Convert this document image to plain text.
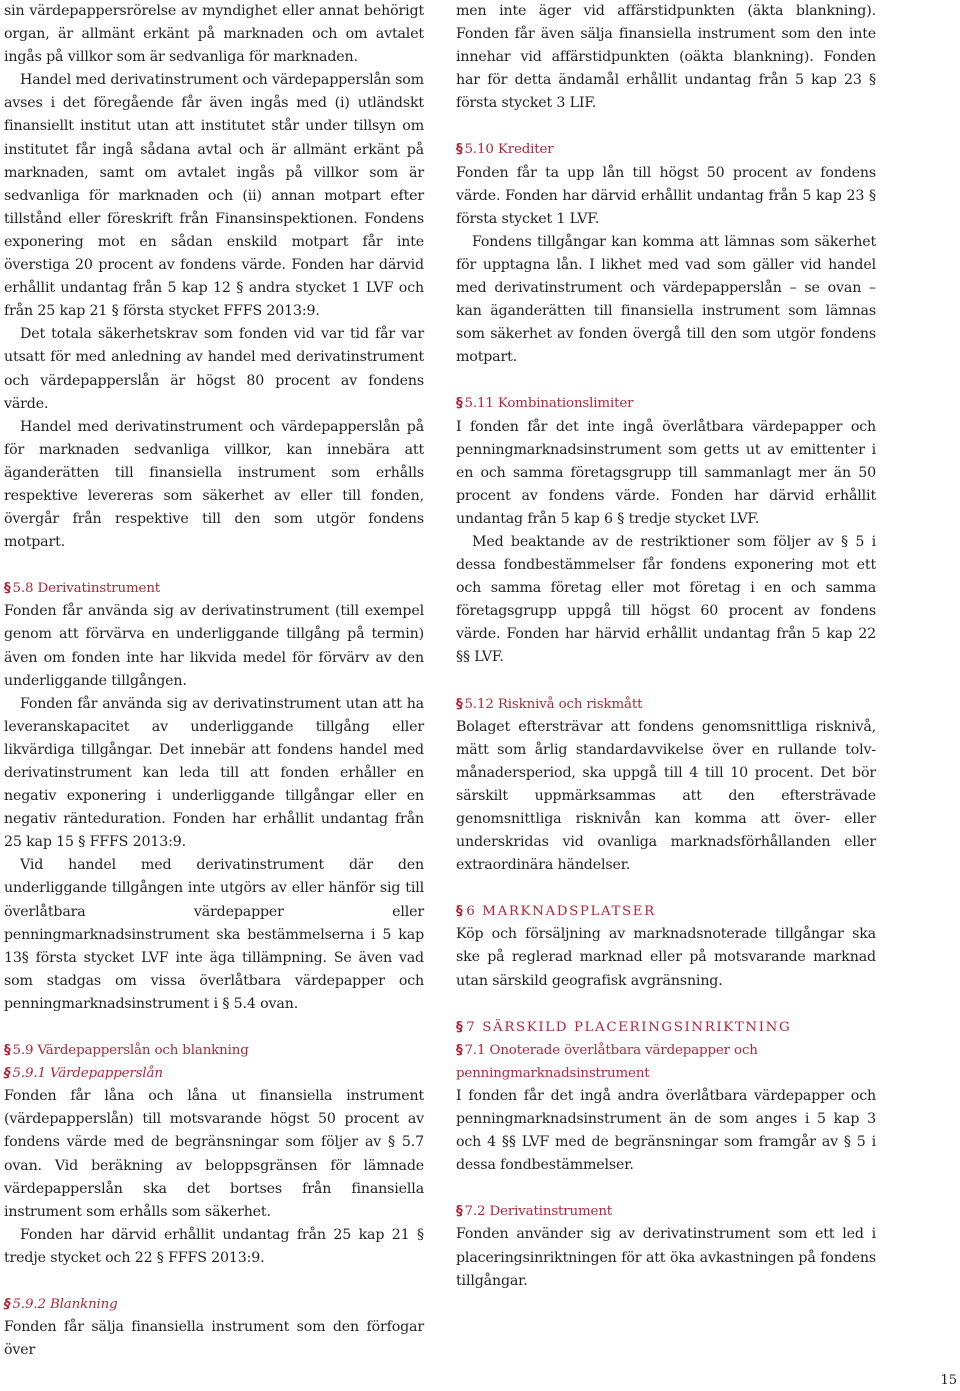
sin värdepappersrörelse av myndighet eller annat behörigt organ, är allmänt erkänt på marknaden och om avtalet ingås på villkor som är sedvanliga för marknaden.

Handel med derivatinstrument och värdepapperslån som avses i det föregående får även ingås med (i) utländskt finansiellt institut utan att institutet står under tillsyn om institutet får ingå sådana avtal och är allmänt erkänt på marknaden, samt om avtalet ingås på villkor som är sedvanliga för marknaden och (ii) annan motpart efter tillstånd eller föreskrift från Finansinspektionen. Fondens exponering mot en sådan enskild motpart får inte överstiga 20 procent av fondens värde. Fonden har därvid erhållit undantag från 5 kap 12 § andra stycket 1 LVF och från 25 kap 21 § första stycket FFFS 2013:9.

Det totala säkerhetskrav som fonden vid var tid får var utsatt för med anledning av handel med derivatinstrument och värdepapperslån är högst 80 procent av fondens värde.

Handel med derivatinstrument och värdepapperslån på för marknaden sedvanliga villkor, kan innebära att äganderätten till finansiella instrument som erhålls respektive levereras som säkerhet av eller till fonden, övergår från respektive till den som utgör fondens motpart.

§ 5.8 Derivatinstrument

Fonden får använda sig av derivatinstrument (till exempel genom att förvärva en underliggande tillgång på termin) även om fonden inte har likvida medel för förvärv av den underliggande tillgången.

Fonden får använda sig av derivatinstrument utan att ha leveranskapacitet av underliggande tillgång eller likvärdiga tillgångar. Det innebär att fondens handel med derivatinstrument kan leda till att fonden erhåller en negativ exponering i underliggande tillgångar eller en negativ ränteduration. Fonden har erhållit undantag från 25 kap 15 § FFFS 2013:9.

Vid handel med derivatinstrument där den underliggande tillgången inte utgörs av eller hänför sig till överlåtbara värdepapper eller penningmarknadsinstrument ska bestämmelserna i 5 kap 13§ första stycket LVF inte äga tillämpning. Se även vad som stadgas om vissa överlåtbara värdepapper och penningmarknadsinstrument i § 5.4 ovan.

§ 5.9 Värdepapperslån och blankning
§ 5.9.1 Värdepapperslån

Fonden får låna och låna ut finansiella instrument (värdepapperslån) till motsvarande högst 50 procent av fondens värde med de begränsningar som följer av § 5.7 ovan. Vid beräkning av beloppsgränsen för lämnade värdepapperslån ska det bortses från finansiella instrument som erhålls som säkerhet.

Fonden har därvid erhållit undantag från 25 kap 21 § tredje stycket och 22 § FFFS 2013:9.

§ 5.9.2 Blankning

Fonden får sälja finansiella instrument som den förfogar över

men inte äger vid affärstidpunkten (äkta blankning). Fonden får även sälja finansiella instrument som den inte innehar vid affärstidpunkten (oäkta blankning). Fonden har för detta ändamål erhållit undantag från 5 kap 23 § första stycket 3 LIF.

§ 5.10 Krediter

Fonden får ta upp lån till högst 50 procent av fondens värde. Fonden har därvid erhållit undantag från 5 kap 23 § första stycket 1 LVF.

Fondens tillgångar kan komma att lämnas som säkerhet för upptagna lån. I likhet med vad som gäller vid handel med derivatinstrument och värdepapperslån – se ovan – kan äganderätten till finansiella instrument som lämnas som säkerhet av fonden övergå till den som utgör fondens motpart.

§ 5.11 Kombinationslimiter

I fonden får det inte ingå överlåtbara värdepapper och penningmarknadsinstrument som getts ut av emittenter i en och samma företagsgrupp till sammanlagt mer än 50 procent av fondens värde. Fonden har därvid erhållit undantag från 5 kap 6 § tredje stycket LVF.

Med beaktande av de restriktioner som följer av § 5 i dessa fondbestämmelser får fondens exponering mot ett och samma företag eller mot företag i en och samma företagsgrupp uppgå till högst 60 procent av fondens värde. Fonden har härvid erhållit undantag från 5 kap 22 §§ LVF.

§ 5.12 Risknivå och riskmått

Bolaget eftersträvar att fondens genomsnittliga risknivå, mätt som årlig standardavvikelse över en rullande tolv-månadersperiod, ska uppgå till 4 till 10 procent. Det bör särskilt uppmärksammas att den eftersträvade genomsnittliga risknivån kan komma att över- eller underskridas vid ovanliga marknadsförhållanden eller extraordinära händelser.

§ 6 MARKNADSPLATSER

Köp och försäljning av marknadsnoterade tillgångar ska ske på reglerad marknad eller på motsvarande marknad utan särskild geografisk avgränsning.

§ 7 SÄRSKILD PLACERINGSINRIKTNING
§ 7.1 Onoterade överlåtbara värdepapper och penningmarknadsinstrument

I fonden får det ingå andra överlåtbara värdepapper och penningmarknadsinstrument än de som anges i 5 kap 3 och 4 §§ LVF med de begränsningar som framgår av § 5 i dessa fondbestämmelser.

§ 7.2 Derivatinstrument

Fonden använder sig av derivatinstrument som ett led i placeringsinriktningen för att öka avkastningen på fondens tillgångar.

15
